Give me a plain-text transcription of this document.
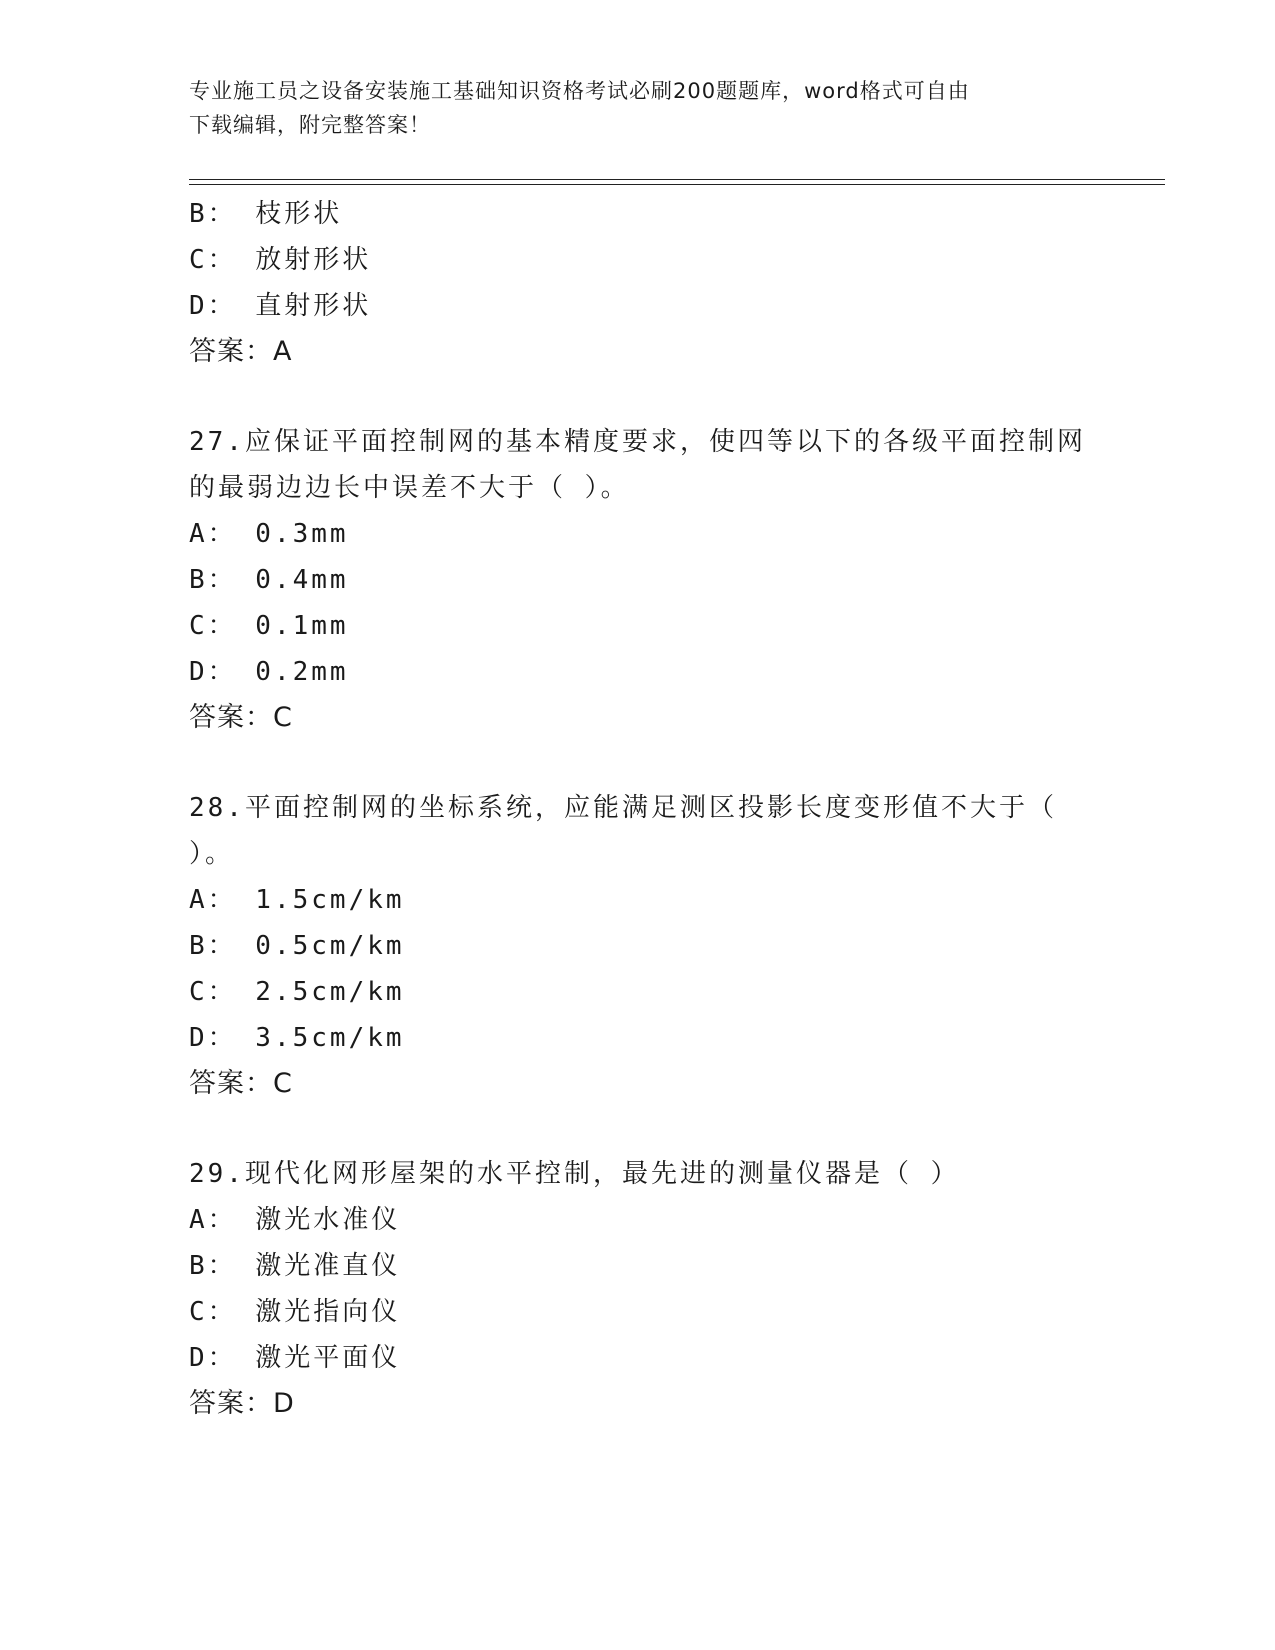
专业施工员之设备安装施工基础知识资格考试必刷200题题库，word格式可自由
下载编辑，附完整答案！
B： 枝形状
C： 放射形状
D： 直射形状
答案：A
27.应保证平面控制网的基本精度要求，使四等以下的各级平面控制网
的最弱边边长中误差不大于（ ）。
A： 0.3mm
B： 0.4mm
C： 0.1mm
D： 0.2mm
答案：C
28.平面控制网的坐标系统，应能满足测区投影长度变形值不大于（
）。
A： 1.5cm/km
B： 0.5cm/km
C： 2.5cm/km
D： 3.5cm/km
答案：C
29.现代化网形屋架的水平控制，最先进的测量仪器是（ ）
A： 激光水准仪
B： 激光准直仪
C： 激光指向仪
D： 激光平面仪
答案：D
